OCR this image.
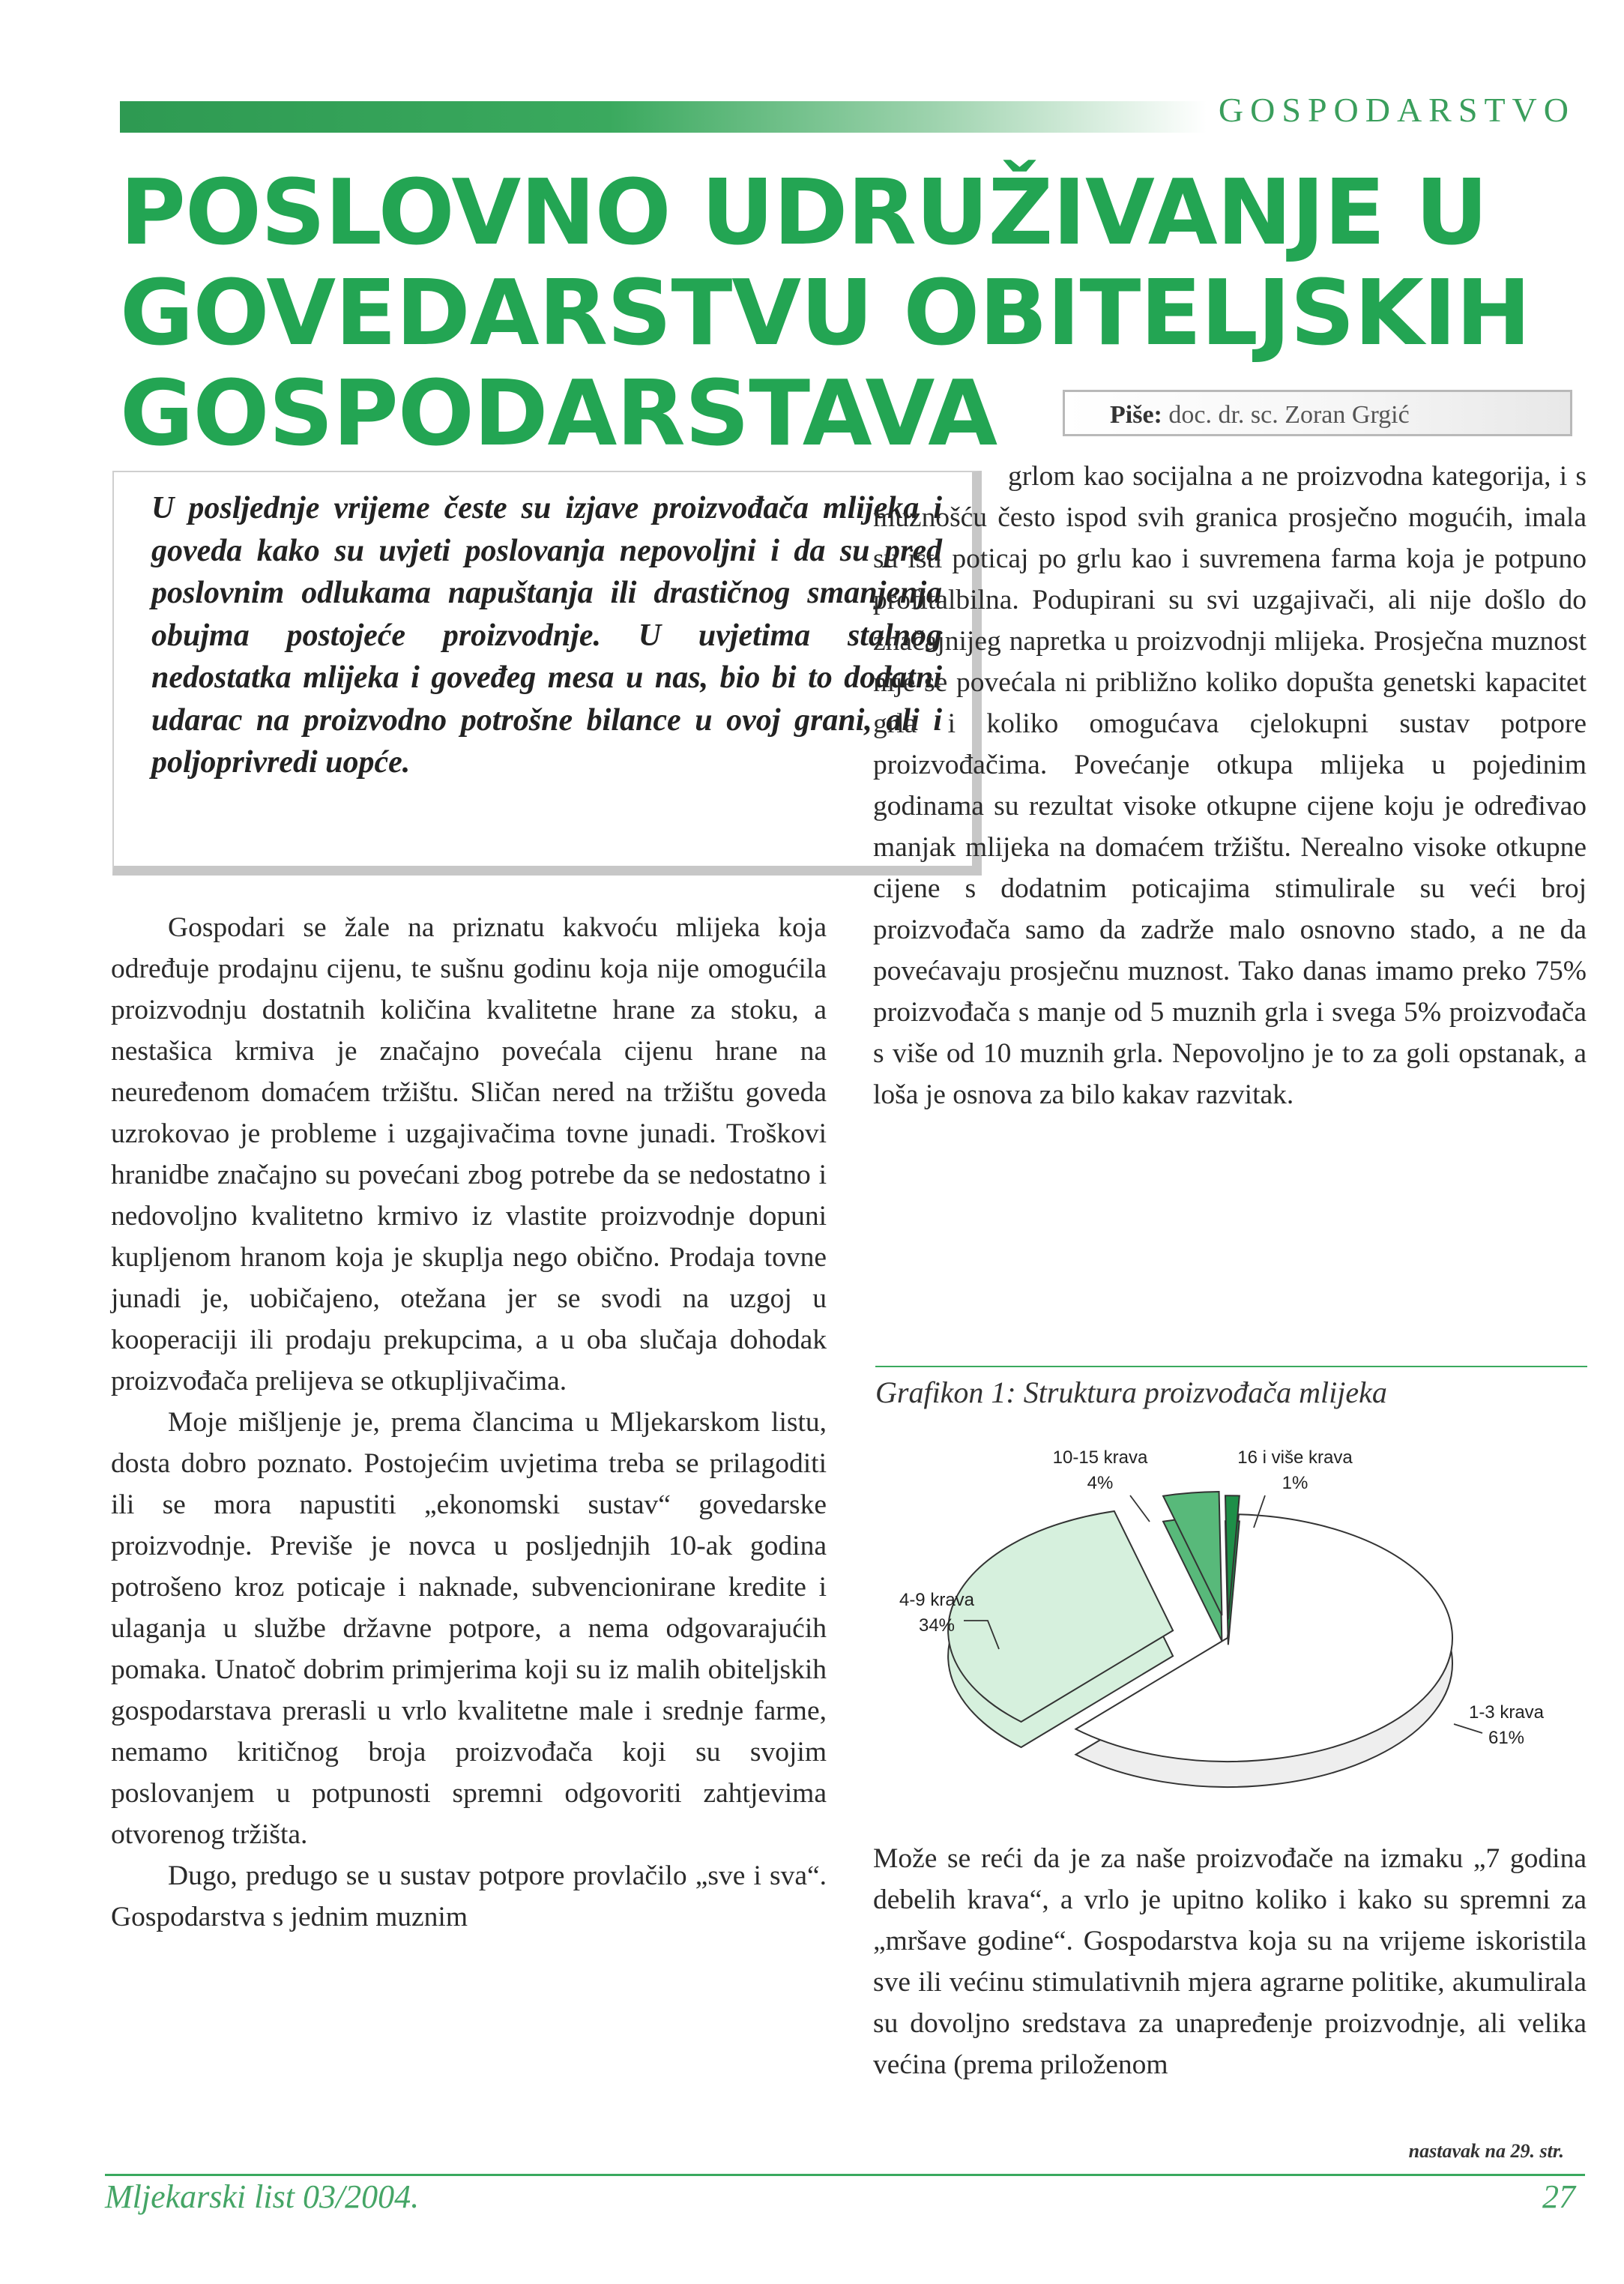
GOSPODARSTVO
POSLOVNO UDRUŽIVANJE U
GOVEDARSTVU OBITELJSKIH
GOSPODARSTAVA	Piše: doc. dr. sc. Zoran Grgić
U posljednje vrijeme česte su izjave proizvođača mlijeka i goveda kako su uvjeti poslovanja nepovoljni i da su pred poslovnim odlukama napuštanja ili drastičnog smanjenja obujma postojeće proizvodnje. U uvjetima stalnog nedostatka mlijeka i goveđeg mesa u nas, bio bi to dodatni udarac na proizvodno potrošne bilance u ovoj grani, ali i poljoprivredi uopće.

Gospodari se žale na priznatu kakvoću mlijeka koja određuje prodajnu cijenu, te sušnu godinu koja nije omogućila proizvodnju dostatnih količina kvalitetne hrane za stoku, a nestašica krmiva je značajno povećala cijenu hrane na neuređenom domaćem tržištu. Sličan nered na tržištu goveda uzrokovao je probleme i uzgajivačima tovne junadi. Troškovi hranidbe značajno su povećani zbog potrebe da se nedostatno i nedovoljno kvalitetno krmivo iz vlastite proizvodnje dopuni kupljenom hranom koja je skuplja nego obično. Prodaja tovne junadi je, uobičajeno, otežana jer se svodi na uzgoj u kooperaciji ili prodaju prekupcima, a u oba slučaja dohodak proizvođača prelijeva se otkupljivačima.

Moje mišljenje je, prema člancima u Mljekarskom listu, dosta dobro poznato. Postojećim uvjetima treba se prilagoditi ili se mora napustiti „ekonomski sustav“ govedarske proizvodnje. Previše je novca u posljednjih 10-ak godina potrošeno kroz poticaje i naknade, subvencionirane kredite i ulaganja u službe državne potpore, a nema odgovarajućih pomaka. Unatoč dobrim primjerima koji su iz malih obiteljskih gospodarstava prerasli u vrlo kvalitetne male i srednje farme, nemamo kritičnog broja proizvođača koji su svojim poslovanjem u potpunosti spremni odgovoriti zahtjevima otvorenog tržišta.

Dugo, predugo se u sustav potpore provlačilo „sve i sva“. Gospodarstva s jednim muznim

grlom kao socijalna a ne proizvodna kategorija, i s muznošću često ispod svih granica prosječno mogućih, imala su isti poticaj po grlu kao i suvremena farma koja je potpuno profitalbilna. Podupirani su svi uzgajivači, ali nije došlo do značajnijeg napretka u proizvodnji mlijeka. Prosječna muznost nije se povećala ni približno koliko dopušta genetski kapacitet grla i koliko omogućava cjelokupni sustav potpore proizvođačima. Povećanje otkupa mlijeka u pojedinim godinama su rezultat visoke otkupne cijene koju je određivao manjak mlijeka na domaćem tržištu. Nerealno visoke otkupne cijene s dodatnim poticajima stimulirale su veći broj proizvođača samo da zadrže malo osnovno stado, a ne da povećavaju prosječnu muznost. Tako danas imamo preko 75% proizvođača s manje od 5 muznih grla i svega 5% proizvođača s više od 10 muznih grla. Nepovoljno je to za goli opstanak, a loša je osnova za bilo kakav razvitak.

Grafikon 1: Struktura proizvođača mlijeka
1-3 krava
61%
4-9 krava
34%
10-15 krava
4%
16 i više krava
1%

Može se reći da je za naše proizvođače na izmaku „7 godina debelih krava“, a vrlo je upitno koliko i kako su spremni za „mršave godine“. Gospodarstva koja su na vrijeme iskoristila sve ili većinu stimulativnih mjera agrarne politike, akumulirala su dovoljno sredstava za unapređenje proizvodnje, ali velika većina (prema priloženom

nastavak na 29. str.
Mljekarski list 03/2004.	27
